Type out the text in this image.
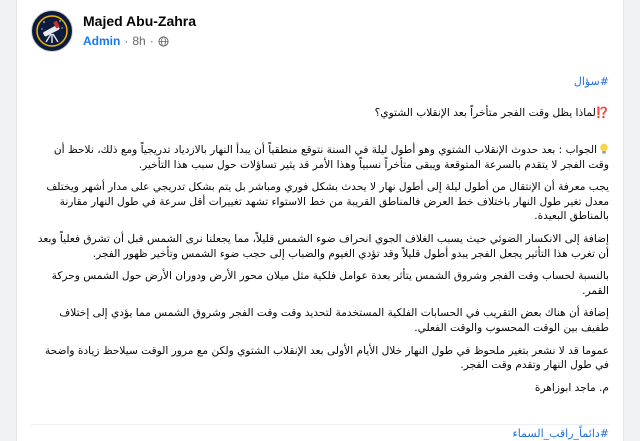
Majed Abu-Zahra
Admin · 8h ·

#سؤال

⁉️لماذا يظل وقت الفجر متأخراً بعد الإنقلاب الشتوي؟

الجواب : بعد حدوث الإنقلاب الشتوي وهو أطول ليلة في السنة نتوقع منطقياً أن يبدأ النهار بالازدياد تدريجياً ومع ذلك، نلاحظ أن وقت الفجر لا يتقدم بالسرعة المتوقعة ويبقى متأخراً نسبياً وهذا الأمر قد يثير تساؤلات حول سبب هذا التأخير.

يجب معرفة أن الإنتقال من أطول ليلة إلى أطول نهار لا يحدث بشكل فوري ومباشر بل يتم بشكل تدريجي على مدار أشهر ويختلف معدل تغير طول النهار باختلاف خط العرض فالمناطق القريبة من خط الاستواء تشهد تغييرات أقل سرعة في طول النهار مقارنة بالمناطق البعيدة.

إضافة إلى الانكسار الضوئي حيث يسبب الغلاف الجوي انحراف ضوء الشمس قليلاً، مما يجعلنا نرى الشمس قبل أن تشرق فعلياً وبعد أن تغرب هذا التأثير يجعل الفجر يبدو أطول قليلاً وقد تؤدي الغيوم والضباب إلى حجب ضوء الشمس وتأخير ظهور الفجر.

بالنسبة لحساب وقت الفجر وشروق الشمس يتأثر بعدة عوامل فلكية مثل ميلان محور الأرض ودوران الأرض حول الشمس وحركة القمر.

إضافة أن هناك بعض التقريب في الحسابات الفلكية المستخدمة لتحديد وقت وقت الفجر وشروق الشمس مما يؤدي إلى إختلاف طفيف بين الوقت المحسوب والوقت الفعلي.

عموما قد لا نشعر بتغير ملحوظ في طول النهار خلال الأيام الأولى بعد الإنقلاب الشتوي ولكن مع مرور الوقت سيلاحظ زيادة واضحة في طول النهار وتقدم وقت الفجر.

م. ماجد ابوزاهرة

#دائماً_راقب_السماء
